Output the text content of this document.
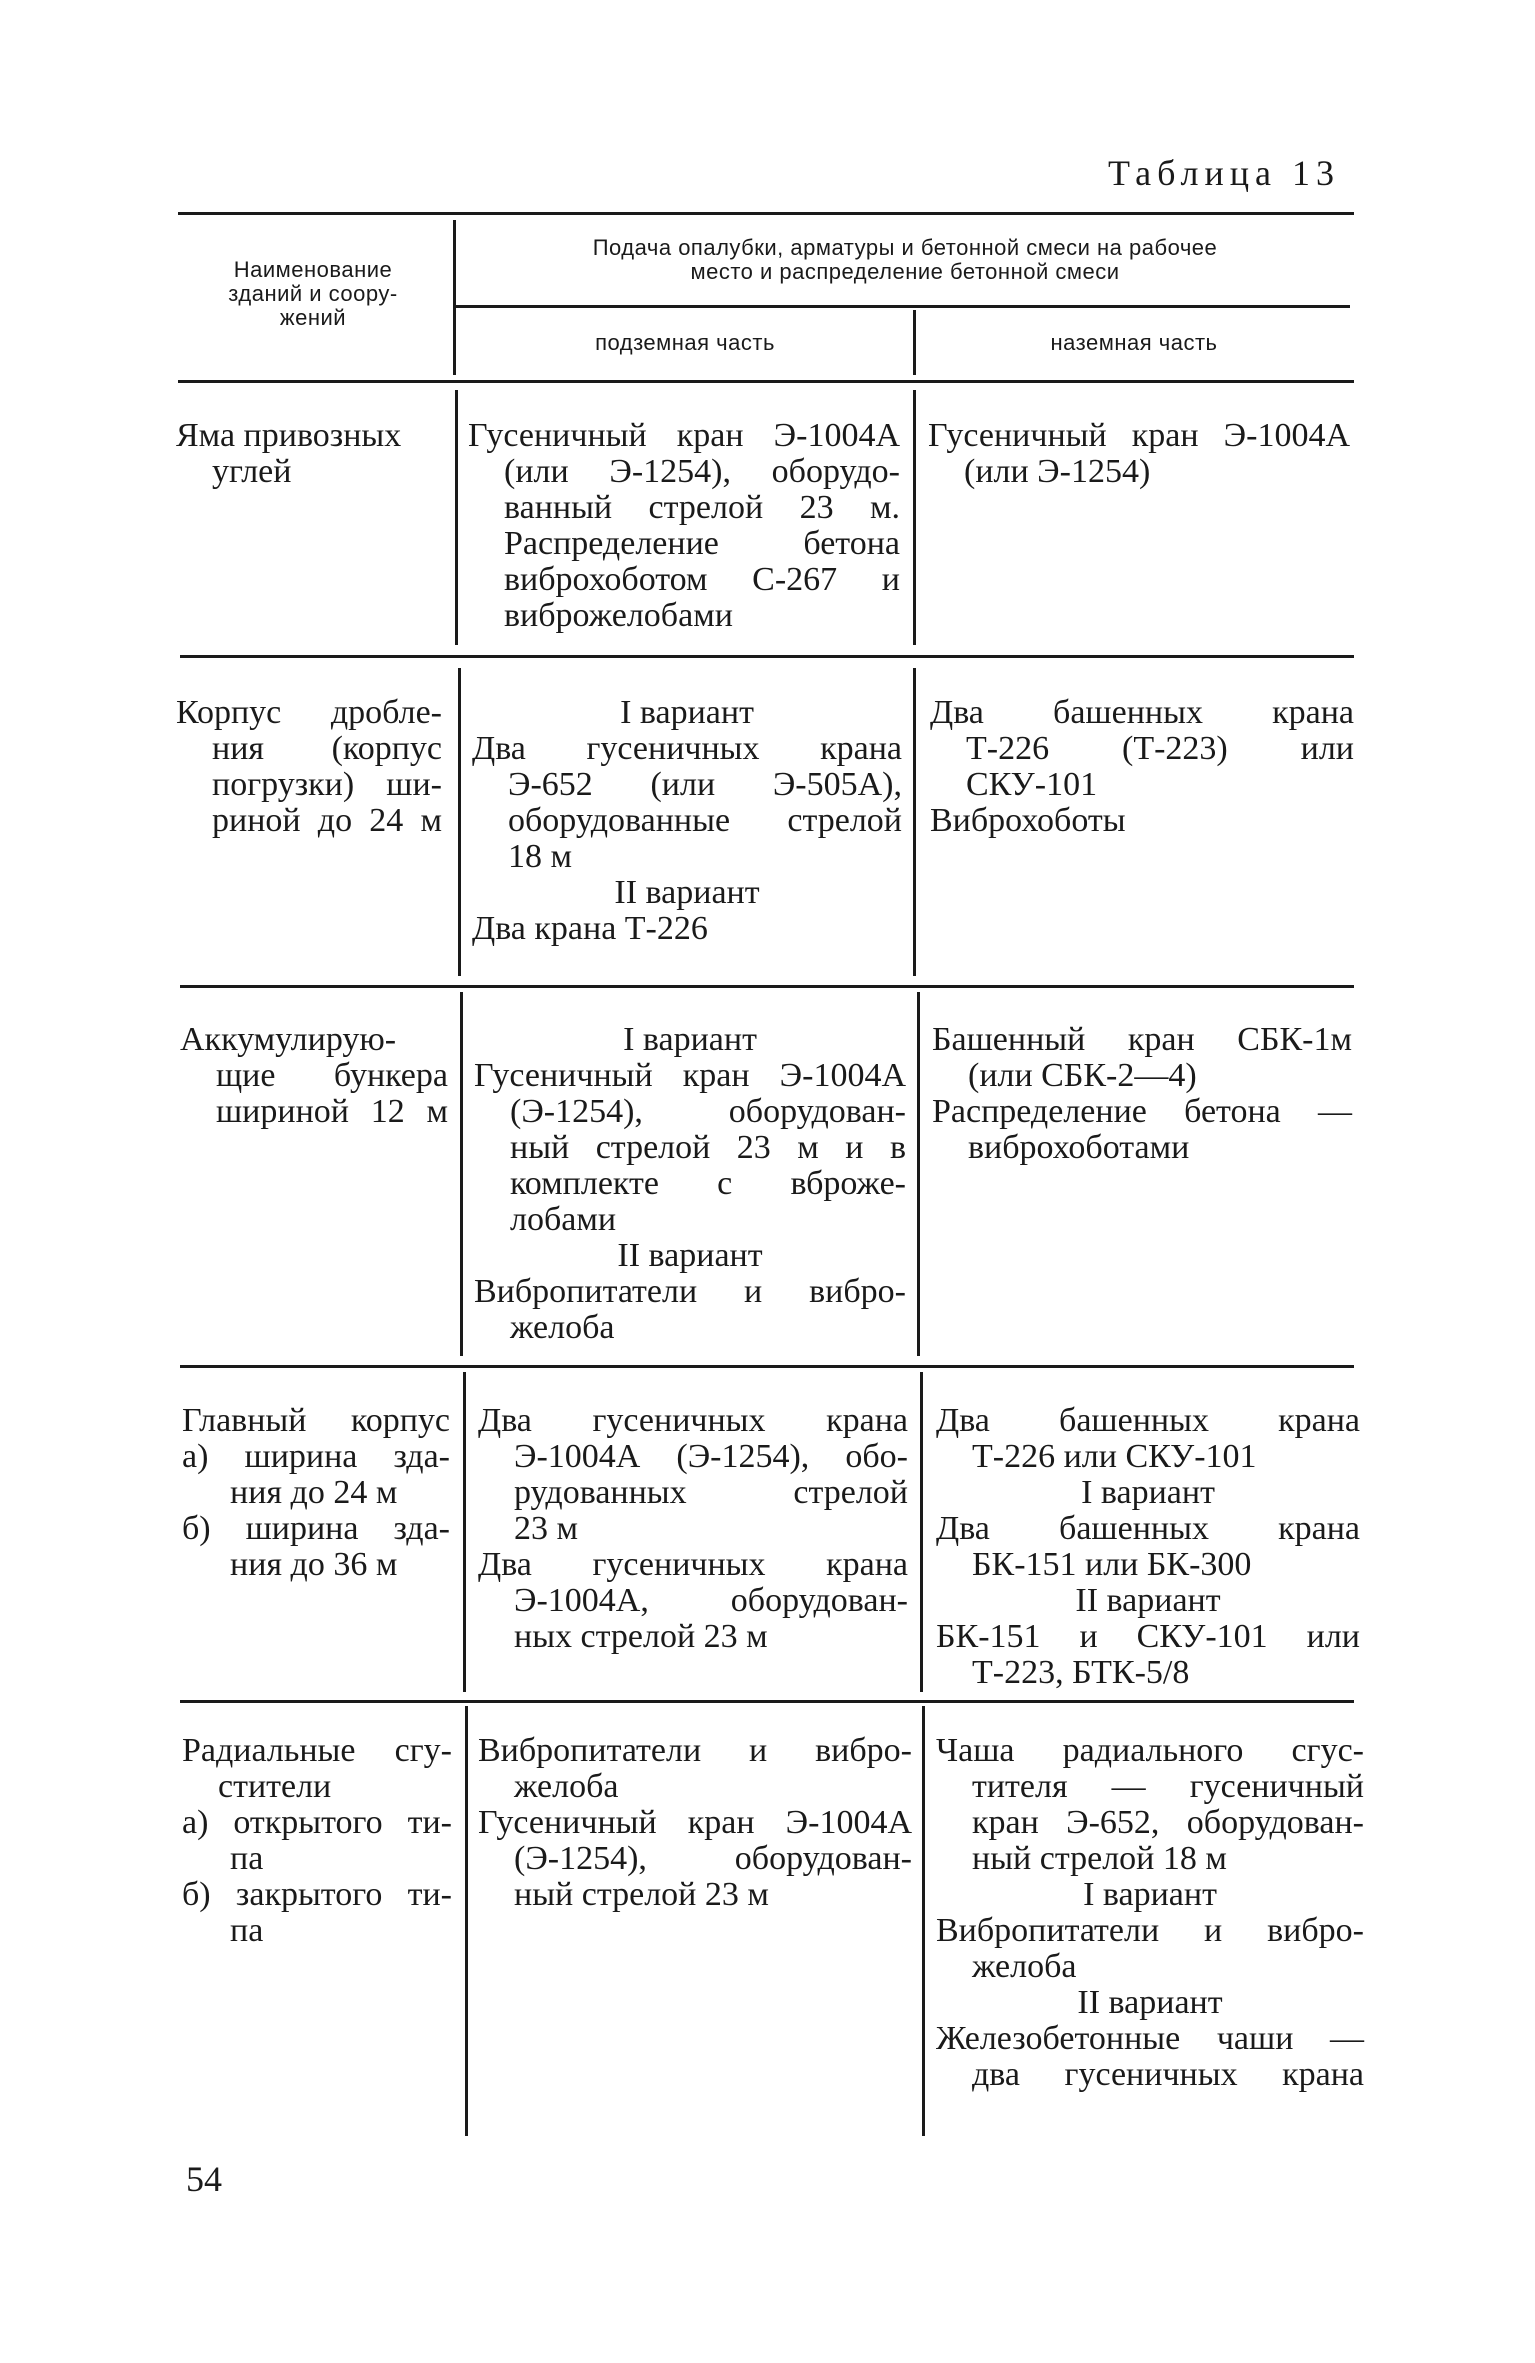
Таблица 13
Наименование
зданий и соору-
жений
Подача опалубки, арматуры и бетонной смеси на рабочее
место и распределение бетонной смеси
подземная часть	наземная часть
Яма привозных
углей
Гусеничный кран Э-1004А
(или Э-1254), оборудо-
ванный стрелой 23 м.
Распределение бетона
виброхоботом С-267 и
виброжелобами
Гусеничный кран Э-1004А
(или Э-1254)
Корпус дробле-
ния (корпус
погрузки) ши-
риной до 24 м
I вариант
Два гусеничных крана
Э-652 (или Э-505А),
оборудованные стрелой
18 м
II вариант
Два крана Т-226
Два башенных крана
Т-226 (Т-223) или
СКУ-101
Виброхоботы
Аккумулирую-
щие бункера
шириной 12 м
I вариант
Гусеничный кран Э-1004А
(Э-1254), оборудован-
ный стрелой 23 м и в
комплекте с вброже-
лобами
II вариант
Вибропитатели и вибро-
желоба
Башенный кран СБК-1м
(или СБК-2—4)
Распределение бетона —
виброхоботами
Главный корпус
а) ширина зда-
ния до 24 м
б) ширина зда-
ния до 36 м
Два гусеничных крана
Э-1004А (Э-1254), обо-
рудованных стрелой
23 м
Два гусеничных крана
Э-1004А, оборудован-
ных стрелой 23 м
Два башенных крана
Т-226 или СКУ-101
I вариант
Два башенных крана
БК-151 или БК-300
II вариант
БК-151 и СКУ-101 или
Т-223, БТК-5/8
Радиальные сгу-
стители
а) открытого ти-
па
б) закрытого ти-
па
Вибропитатели и вибро-
желоба
Гусеничный кран Э-1004А
(Э-1254), оборудован-
ный стрелой 23 м
Чаша радиального сгус-
тителя — гусеничный
кран Э-652, оборудован-
ный стрелой 18 м
I вариант
Вибропитатели и вибро-
желоба
II вариант
Железобетонные чаши —
два гусеничных крана
54
